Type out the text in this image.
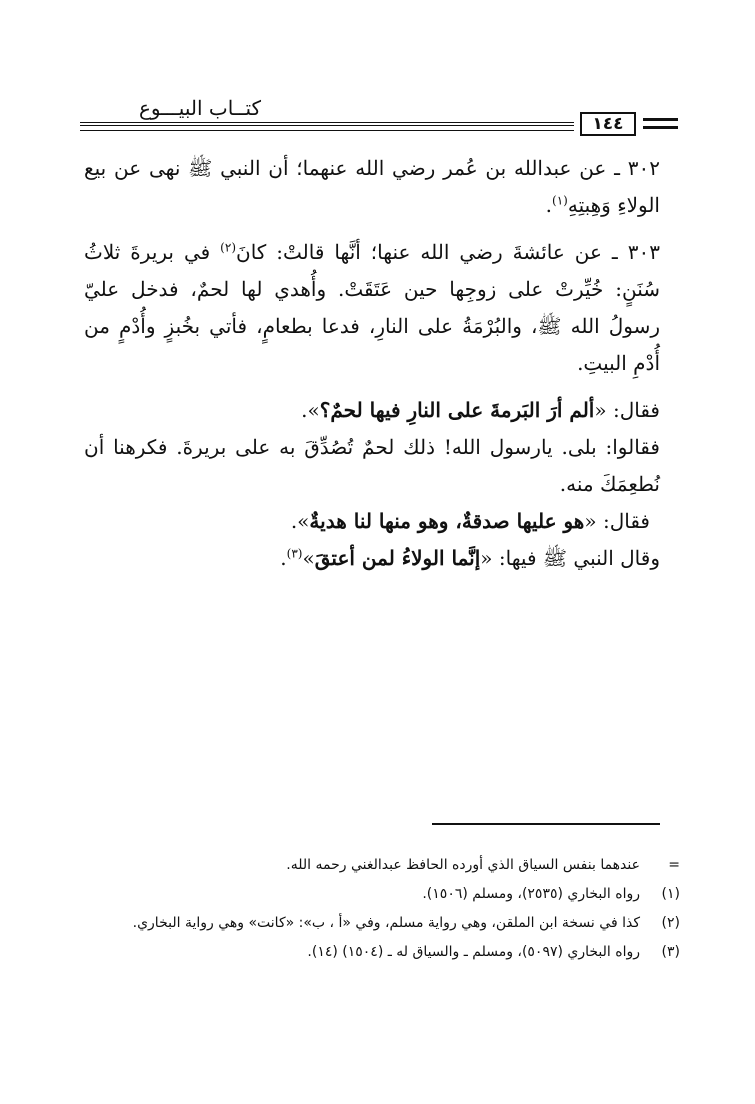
كتــاب البيـــوع
١٤٤

٣٠٢ ـ عن عبدالله بن عُمر رضي الله عنهما؛ أن النبي ﷺ نهى عن بيع الولاءِ وَهِبتِهِ$^{(١)}$.

٣٠٣ ـ عن عائشةَ رضي الله عنها؛ أنَّها قالتْ: كانَ$^{(٢)}$ في بريرةَ ثلاثُ سُنَنٍ: خُيِّرتْ على زوجِها حين عَتَقَتْ. وأُهدي لها لحمٌ، فدخل عليّ رسولُ الله ﷺ، والبُرْمَةُ على النارِ، فدعا بطعامٍ، فأتي بخُبزٍ وأُدْمٍ من أُدْمِ البيتِ.

فقال: «ألم أرَ البَرمةَ على النارِ فيها لحمٌ؟».

فقالوا: بلى. يارسول الله! ذلك لحمٌ تُصُدِّقَ به على بريرةَ. فكرهنا أن نُطعِمَكَ منه.

فقال: «هو عليها صدقةٌ، وهو منها لنا هديةٌ».

وقال النبي ﷺ فيها: «إنَّما الولاءُ لمن أعتقَ»$^{(٣)}$.

=
عندهما بنفس السياق الذي أورده الحافظ عبدالغني رحمه الله.
(١)
رواه البخاري (٢٥٣٥)، ومسلم (١٥٠٦).
(٢)
كذا في نسخة ابن الملقن، وهي رواية مسلم، وفي «أ ، ب»: «كانت» وهي رواية البخاري.
(٣)
رواه البخاري (٥٠٩٧)، ومسلم ـ والسياق له ـ (١٥٠٤) (١٤).
